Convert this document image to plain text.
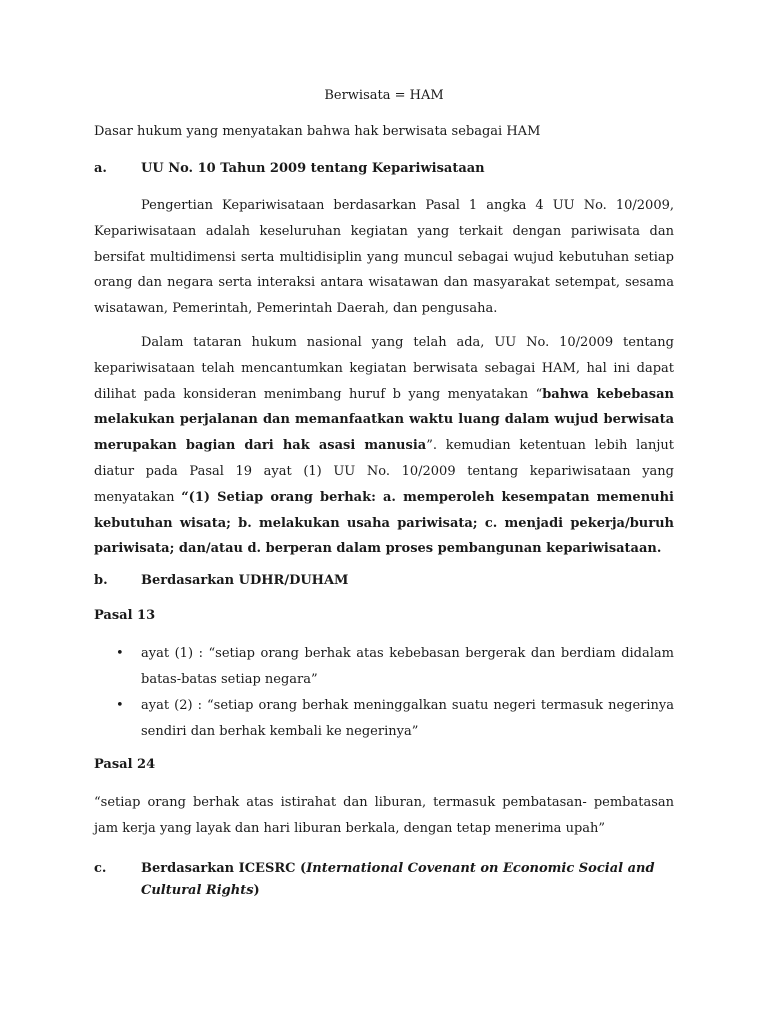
Berwisata = HAM

Dasar hukum yang menyatakan bahwa hak berwisata sebagai HAM

a.	UU No. 10 Tahun 2009 tentang Kepariwisataan

Pengertian Kepariwisataan berdasarkan Pasal 1 angka 4 UU No. 10/2009, Kepariwisataan adalah keseluruhan kegiatan yang terkait dengan pariwisata dan bersifat multidimensi serta multidisiplin yang muncul sebagai wujud kebutuhan setiap orang dan negara serta interaksi antara wisatawan dan masyarakat setempat, sesama wisatawan, Pemerintah, Pemerintah Daerah, dan pengusaha.

Dalam tataran hukum nasional yang telah ada, UU No. 10/2009 tentang kepariwisataan telah mencantumkan kegiatan berwisata sebagai HAM, hal ini dapat dilihat pada konsideran menimbang huruf b yang menyatakan “bahwa kebebasan melakukan perjalanan dan memanfaatkan waktu luang dalam wujud berwisata merupakan bagian dari hak asasi manusia”. kemudian ketentuan lebih lanjut diatur pada Pasal 19 ayat (1) UU No. 10/2009 tentang kepariwisataan yang menyatakan “(1) Setiap orang berhak: a. memperoleh kesempatan memenuhi kebutuhan wisata; b. melakukan usaha pariwisata; c. menjadi pekerja/buruh pariwisata; dan/atau d. berperan dalam proses pembangunan kepariwisataan.

b.	Berdasarkan UDHR/DUHAM

Pasal 13

• ayat (1) : “setiap orang berhak atas kebebasan bergerak dan berdiam didalam batas-batas setiap negara”
• ayat (2) : “setiap orang berhak meninggalkan suatu negeri termasuk negerinya sendiri dan berhak kembali ke negerinya”

Pasal 24

“setiap orang berhak atas istirahat dan liburan, termasuk pembatasan- pembatasan jam kerja yang layak dan hari liburan berkala, dengan tetap menerima upah”

c.	Berdasarkan ICESRC (International Covenant on Economic Social and Cultural Rights)
